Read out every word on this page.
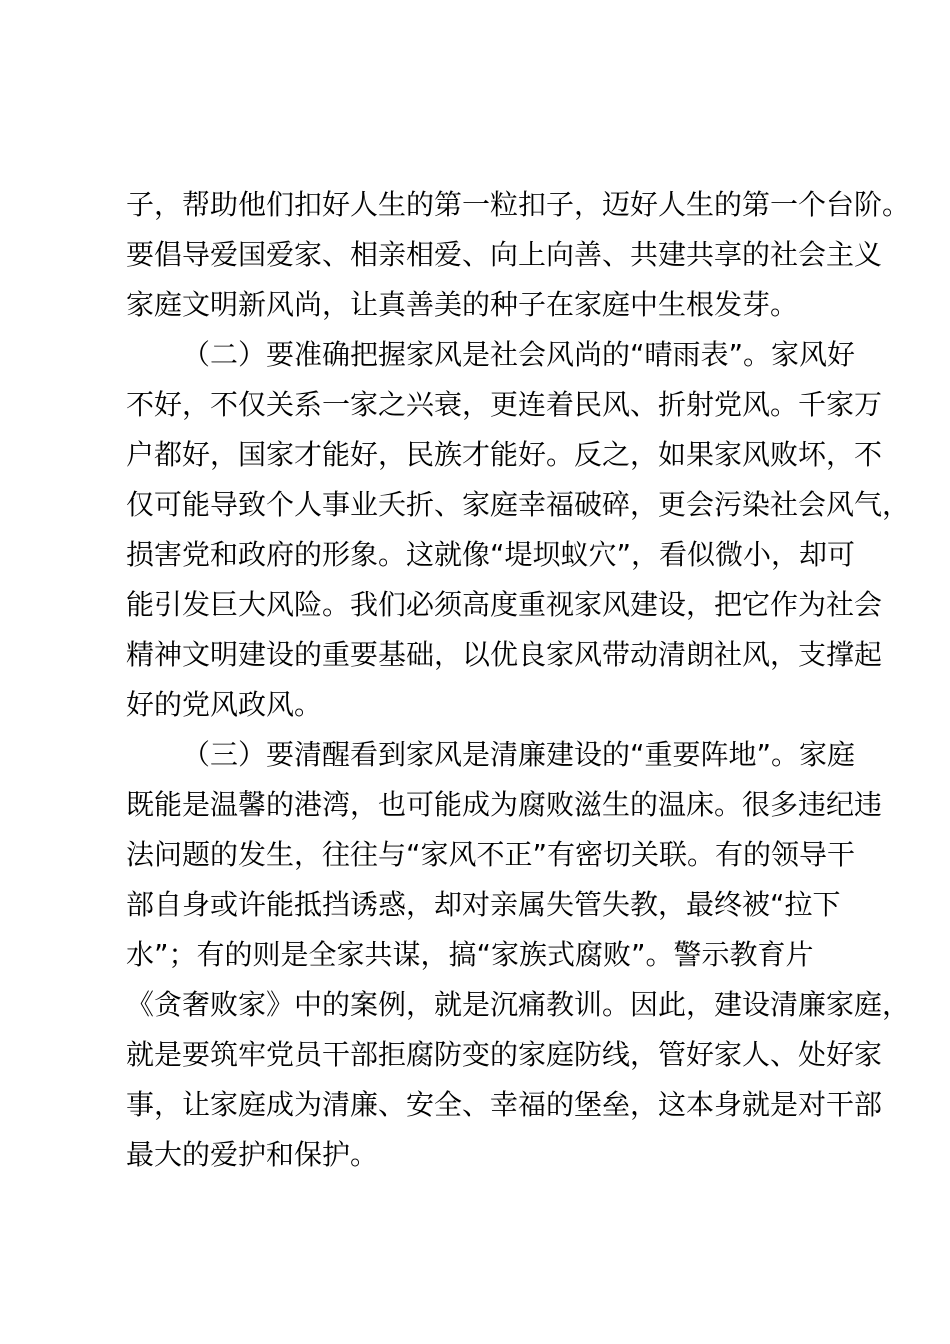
子，帮助他们扣好人生的第一粒扣子，迈好人生的第一个台阶。
要倡导爱国爱家、相亲相爱、向上向善、共建共享的社会主义
家庭文明新风尚，让真善美的种子在家庭中生根发芽。
（二）要准确把握家风是社会风尚的“晴雨表”。家风好
不好，不仅关系一家之兴衰，更连着民风、折射党风。千家万
户都好，国家才能好，民族才能好。反之，如果家风败坏，不
仅可能导致个人事业夭折、家庭幸福破碎，更会污染社会风气，
损害党和政府的形象。这就像“堤坝蚁穴”，看似微小，却可
能引发巨大风险。我们必须高度重视家风建设，把它作为社会
精神文明建设的重要基础，以优良家风带动清朗社风，支撑起
好的党风政风。
（三）要清醒看到家风是清廉建设的“重要阵地”。家庭
既能是温馨的港湾，也可能成为腐败滋生的温床。很多违纪违
法问题的发生，往往与“家风不正”有密切关联。有的领导干
部自身或许能抵挡诱惑，却对亲属失管失教，最终被“拉下
水”；有的则是全家共谋，搞“家族式腐败”。警示教育片
《贪奢败家》中的案例，就是沉痛教训。因此，建设清廉家庭，
就是要筑牢党员干部拒腐防变的家庭防线，管好家人、处好家
事，让家庭成为清廉、安全、幸福的堡垒，这本身就是对干部
最大的爱护和保护。
